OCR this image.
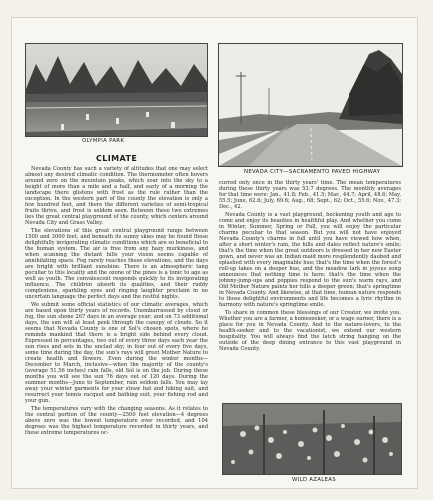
OLYMPIA PARK
NEVADA CITY—SACRAMENTO PAVED HIGHWAY
CLIMATE

Nevada County has such a variety of altitudes that one may select almost any desired climatic condition. The thermometer often hovers around zero on the mountain peaks, which soar into the sky to a height of more than a mile and a half, and early of a morning the landscape there glistens with frost as the rule rather than the exception. In the western part of the county the elevation is only a few hundred feet, and there the different varieties of semi-tropical fruits thrive, and frost is seldom seen. Between these two extremes lies the great central playground of the county, which centers around Nevada City and Grass Valley.

The elevations of this great central playground range between 1500 and 3000 feet, and beneath its sunny skies may be found those delightfully invigorating climatic conditions which are so beneficial to the human system. The air is free from any hazy murkiness, and when scanning the distant hills your vision seems capable of annihilating space. Fog rarely reaches these elevations, and the days are bright with brilliant sunshine. There is an atmospheric tang peculiar to this locality and the ozone of the pines is a tonic to age as well as youth. The convalescent responds quickly to its invigorating influence. The children absorb its qualities, and their ruddy complexions, sparkling eyes and ringing laughter proclaim in no uncertain language the perfect days and the restful nights.

We submit some official statistics of our climatic averages, which are based upon thirty years of records. Unembarrassed by cloud or fog, the sun shone 267 days in an average year; and on 73 additional days, the sun will at least peek through the canopy of clouds. So it seems that Nevada County is one of Sol's chosen spots, where he reminds mankind that there is a bright side behind every cloud. Expressed in percentages, two out of every three days each year the sun rises and sets in the unclad sky; in four out of every five days, some time during the day, the sun's rays will greet Mother Nature to create health and flowers. Even during the winter months—December to March, inclusive—when the majority of the county's (average 51.56 inches) rain falls, old Sol is on the job. During these months you will see the sun 76 days out of 120 days. During the summer months—June to September, rain seldom falls. You may lay away your winter garments for your straw hat and hiking suit, and resurrect your tennis racquet and bathing suit, your fishing rod and your gun.

The temperatures vary with the changing seasons. As it relates to the central portion of the county—2500 feet elevation—4 degrees above zero was the lowest temperature ever recorded, and 104 degrees was the highest temperature recorded in thirty years, and these extreme temperatures oc-

curred only once in the thirty years' time. The mean temperatures during these thirty years was 53.7 degrees. The monthly averages for that time were: Jan., 41.8; Feb., 41.5; Mar., 44.7; April, 48.6; May, 55.5; June, 62.6; July, 69.6; Aug., 68; Sept., 62; Oct., 55.6; Nov., 47.3; Dec., 42.

Nevada County is a vast playground, beckoning youth and age to come and enjoy its beauties in healthful play. And whether you come in Winter, Summer, Spring or Fall, you will enjoy the particular charms peculiar to that season. But you will not have enjoyed Nevada County's charms in full until you have viewed how when, after a short winter's rain, the hills and dales reflect nature's smile; that's the time when the great outdoors is dressed in her new Easter gown, and never was an Indian maid more resplendently daubed and splashed with every imaginable hue; that's the time when the forest's roll-up takes on a deeper hue, and the meadow lark in joyous song announces that nothing time is here; that's the time when the johnny-jump-ups and poppies respond to the sun's warm rays, and Old Mother Nature paints her hills a deeper green; that's springtime in Nevada County. And likewise, at that time, human nature responds to those delightful environments and life becomes a lyric rhythm in harmony with nature's springtime smile.

To share in common these blessings of our Creator, we invite you. Whether you are a farmer, a homeseeker, or a wage earner, there is a place for you in Nevada County. And to the nature-lovers, to the health-seeker and to the vacationist, we extend our western hospitality. You will always find the latch string hanging on the outside of the deep dining entrance to this vast playground in Nevada County.

WILD AZALEAS
